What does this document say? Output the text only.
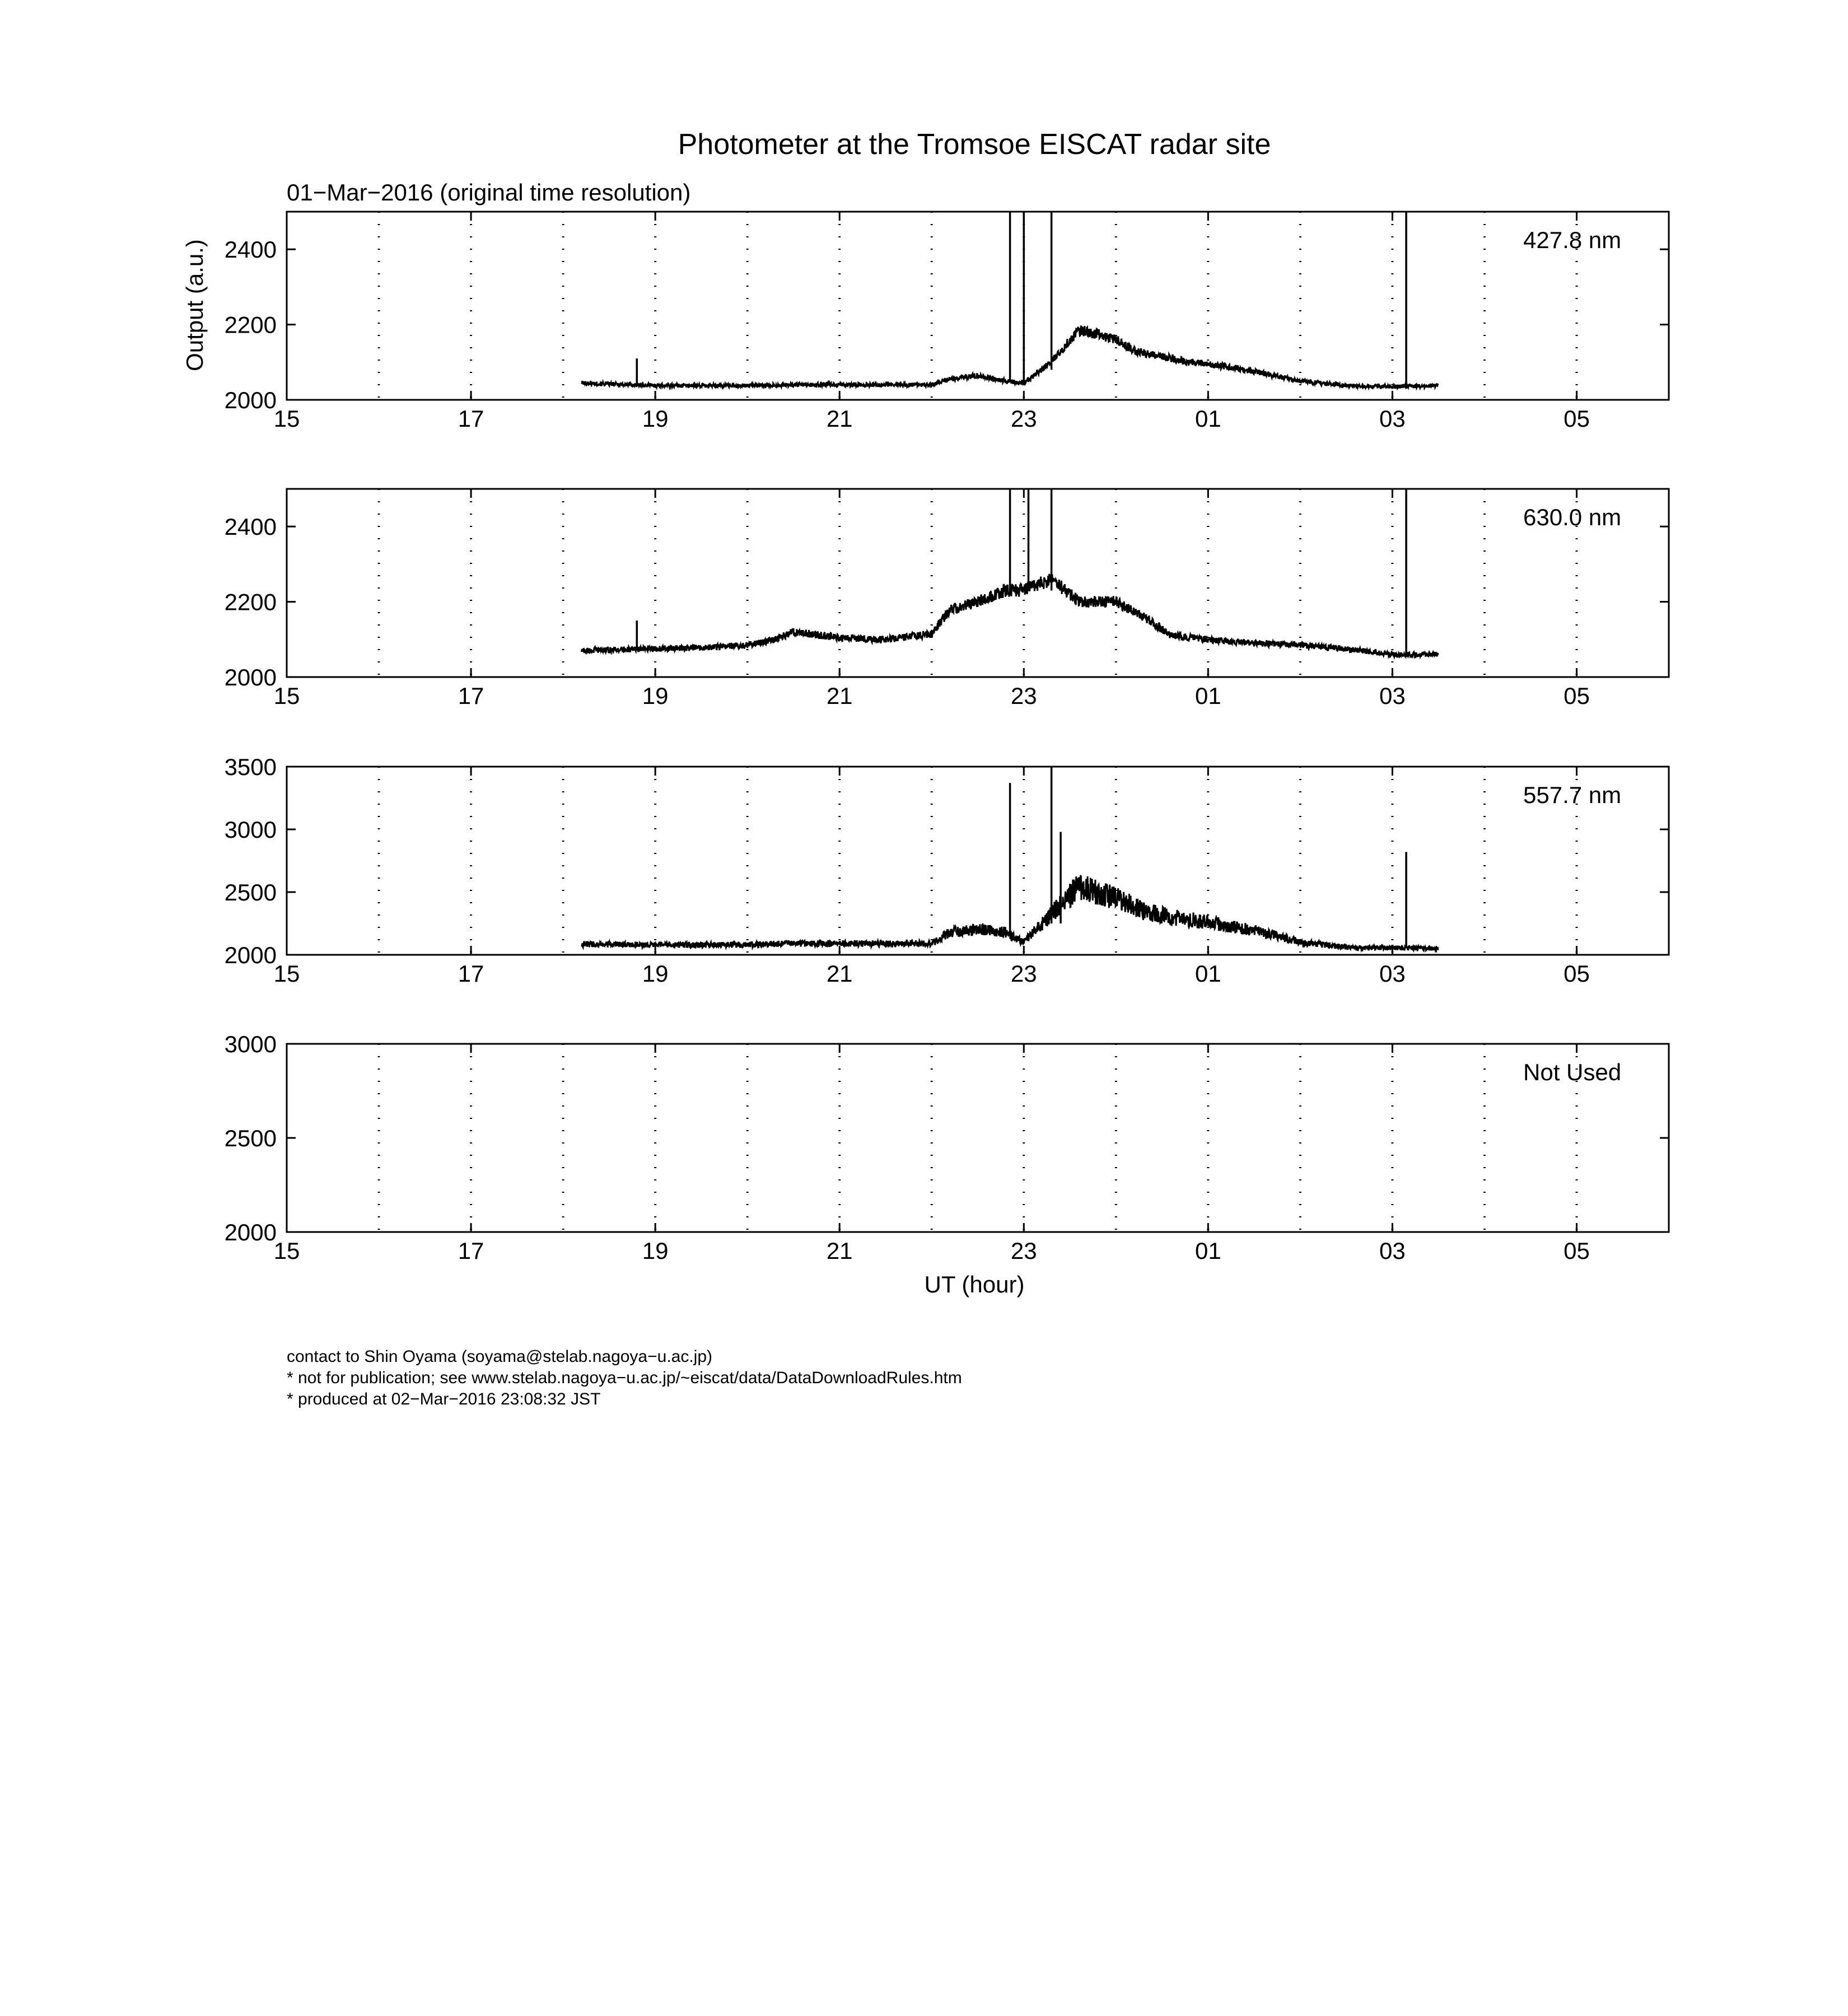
Photometer at the Tromsoe EISCAT radar site
01−Mar−2016 (original time resolution)
Output (a.u.)
UT (hour)
contact to Shin Oyama (soyama@stelab.nagoya−u.ac.jp)
* not for publication; see www.stelab.nagoya−u.ac.jp/~eiscat/data/DataDownloadRules.htm
* produced at 02−Mar−2016 23:08:32 JST
15	17	19	21	23	01	03	05
2000
2200
2400	427.8 nm
15	17	19	21	23	01	03	05
2000
2200
2400	630.0 nm
15	17	19	21	23	01	03	05
2000
2500
3000
3500
557.7 nm
15	17	19	21	23	01	03	05
2000
2500
3000
Not Used
